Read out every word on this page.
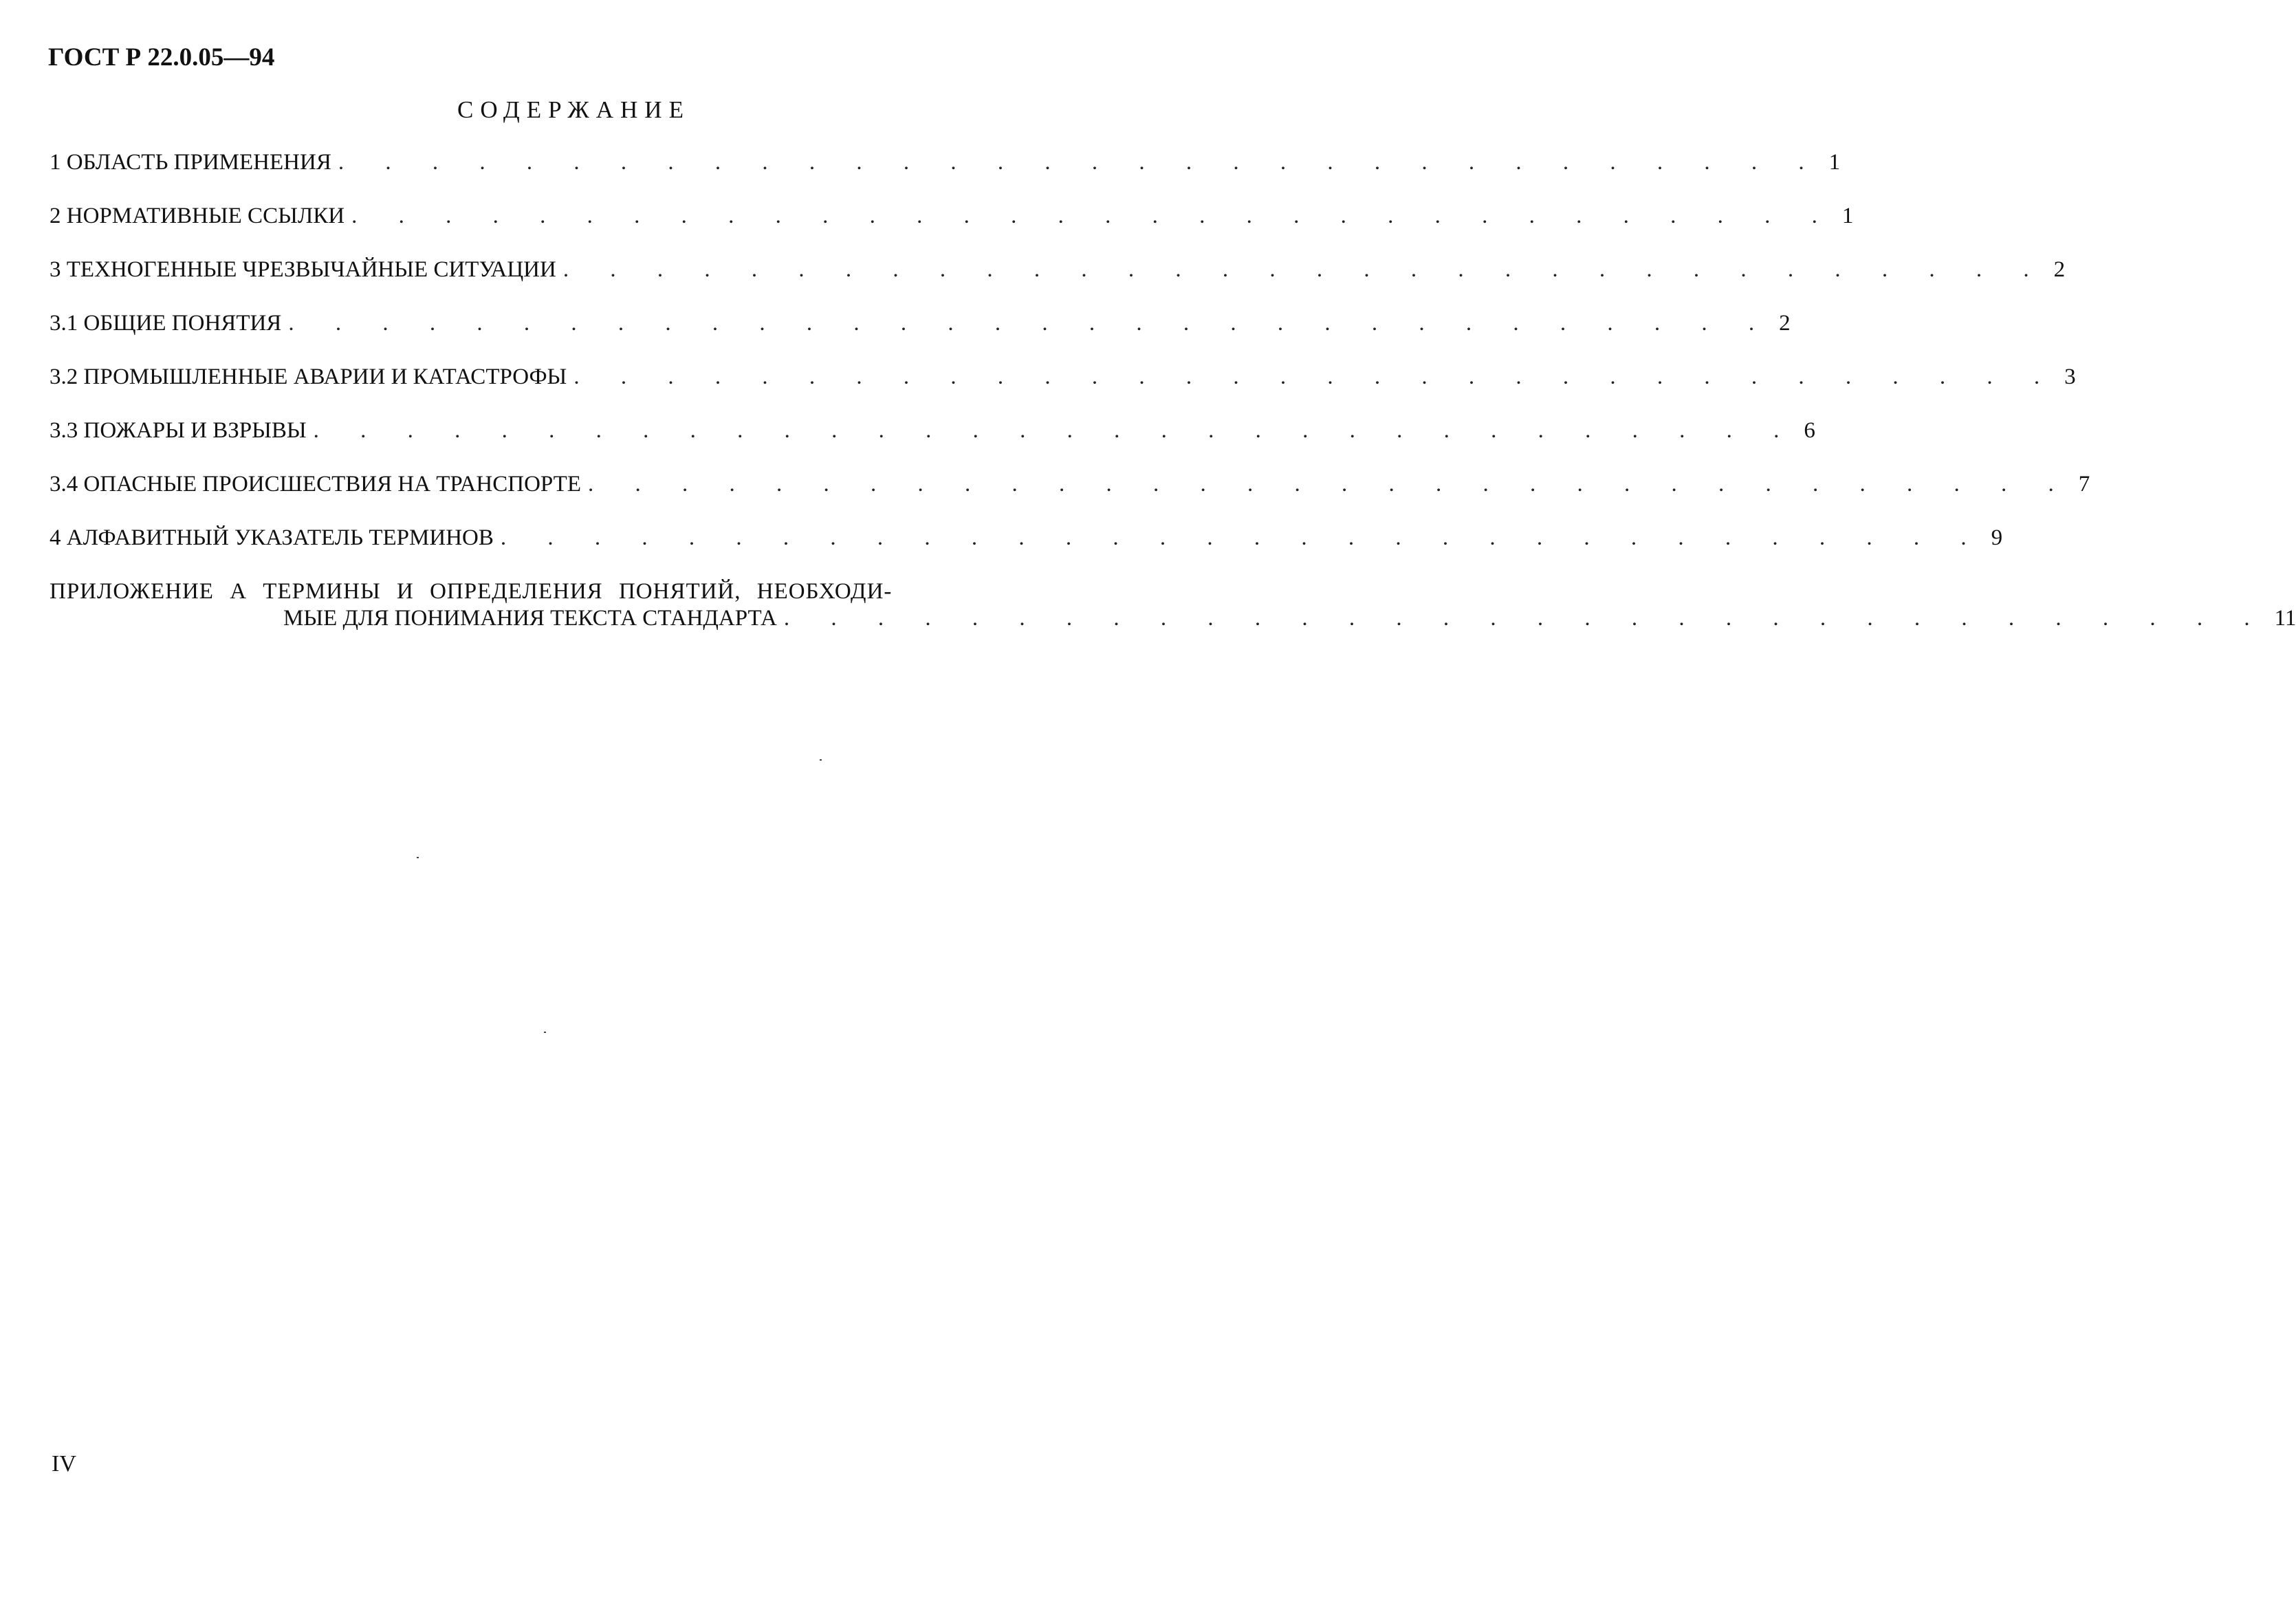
ГОСТ Р 22.0.05—94
СОДЕРЖАНИЕ
1 ОБЛАСТЬ ПРИМЕНЕНИЯ . . . . . . . . . . . . . . . . . . . . . . . . . . . . . . . . 1
2 НОРМАТИВНЫЕ ССЫЛКИ . . . . . . . . . . . . . . . . . . . . . . . . . . . . . . . . 1
3 ТЕХНОГЕННЫЕ ЧРЕЗВЫЧАЙНЫЕ СИТУАЦИИ . . . . . . . . . . . . . . . . . . . . . . . . . . . . . . . . 2
3.1 ОБЩИЕ ПОНЯТИЯ . . . . . . . . . . . . . . . . . . . . . . . . . . . . . . . . 2
3.2 ПРОМЫШЛЕННЫЕ АВАРИИ И КАТАСТРОФЫ . . . . . . . . . . . . . . . . . . . . . . . . . . . . . . . . 3
3.3 ПОЖАРЫ И ВЗРЫВЫ . . . . . . . . . . . . . . . . . . . . . . . . . . . . . . . . 6
3.4 ОПАСНЫЕ ПРОИСШЕСТВИЯ НА ТРАНСПОРТЕ . . . . . . . . . . . . . . . . . . . . . . . . . . . . . . . . 7
4 АЛФАВИТНЫЙ УКАЗАТЕЛЬ ТЕРМИНОВ . . . . . . . . . . . . . . . . . . . . . . . . . . . . . . . . 9
ПРИЛОЖЕНИЕ А ТЕРМИНЫ И ОПРЕДЕЛЕНИЯ ПОНЯТИЙ, НЕОБХОДИ-
МЫЕ ДЛЯ ПОНИМАНИЯ ТЕКСТА СТАНДАРТА . . . . . . . . . . . . . . . . . . . . . . . . . . . . . . . . 11
IV
